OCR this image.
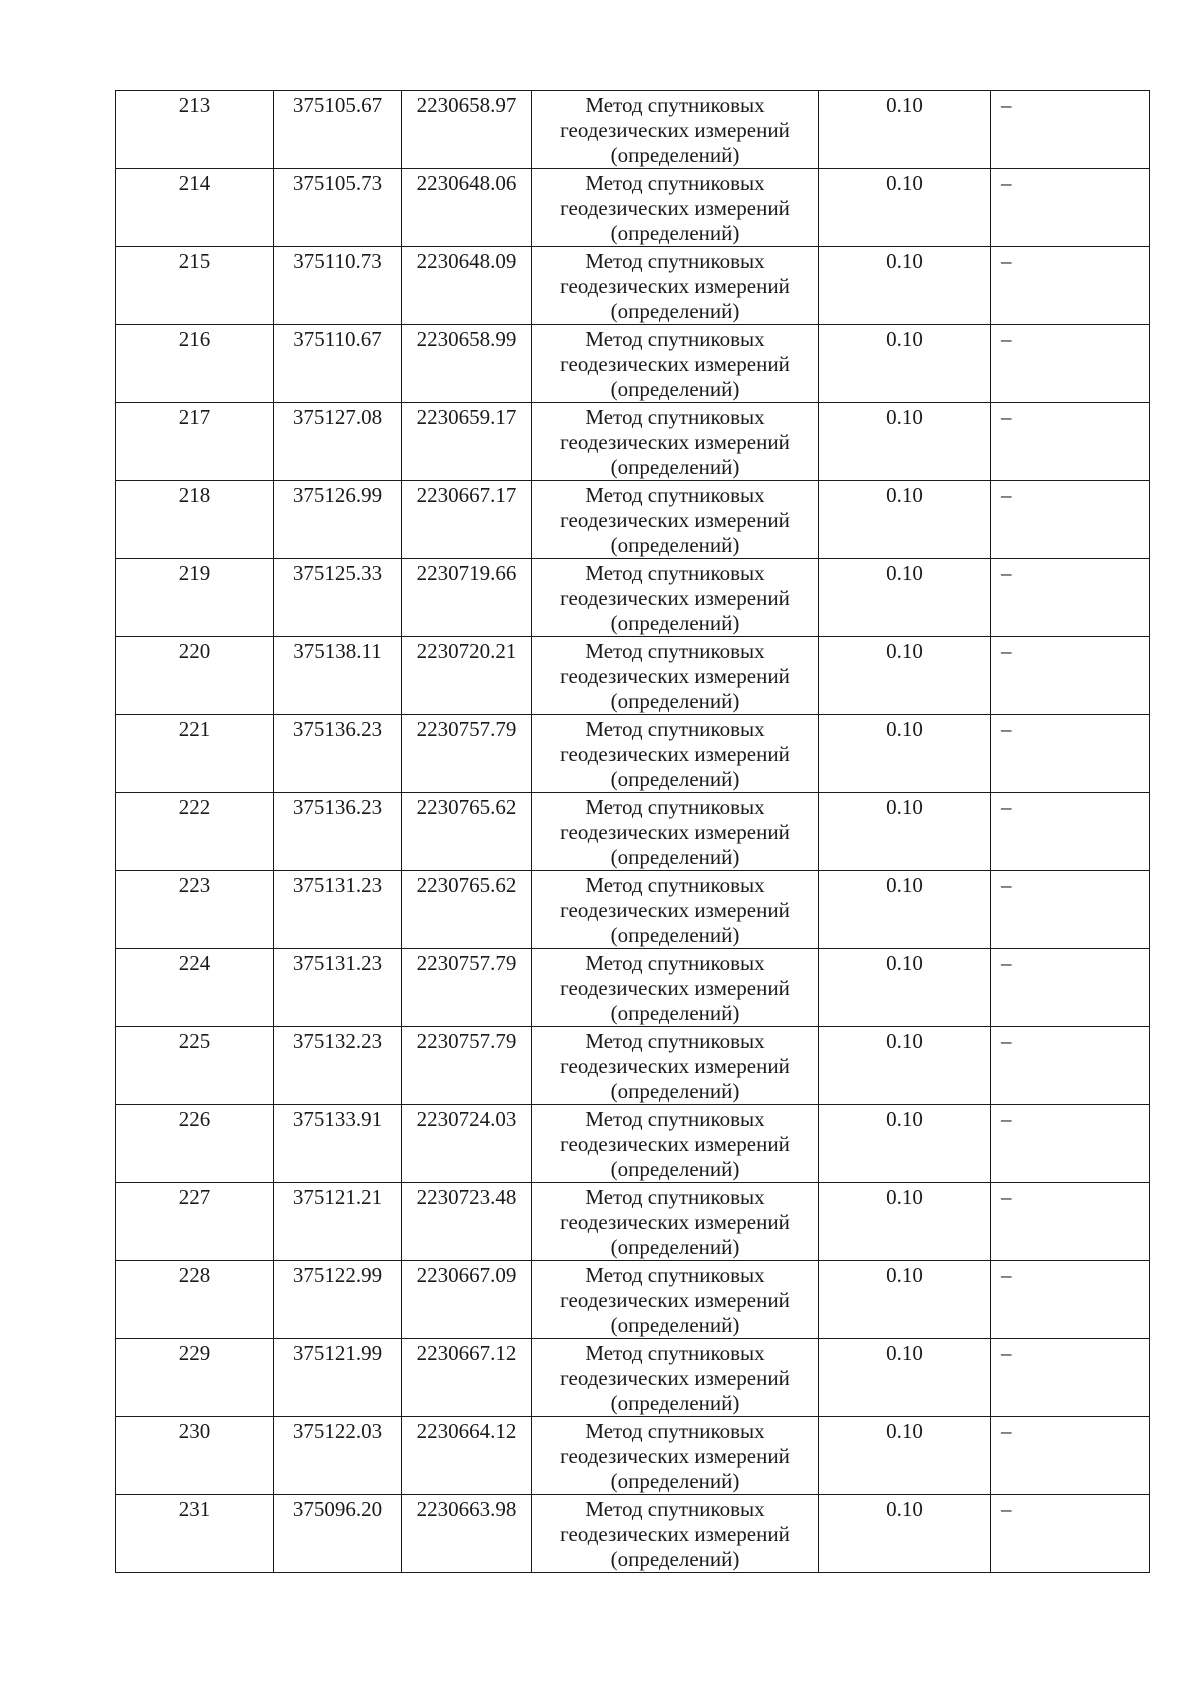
213	375105.67	2230658.97	Метод спутниковых
геодезических измерений
(определений)	0.10	–
214	375105.73	2230648.06	Метод спутниковых
геодезических измерений
(определений)	0.10	–
215	375110.73	2230648.09	Метод спутниковых
геодезических измерений
(определений)	0.10	–
216	375110.67	2230658.99	Метод спутниковых
геодезических измерений
(определений)	0.10	–
217	375127.08	2230659.17	Метод спутниковых
геодезических измерений
(определений)	0.10	–
218	375126.99	2230667.17	Метод спутниковых
геодезических измерений
(определений)	0.10	–
219	375125.33	2230719.66	Метод спутниковых
геодезических измерений
(определений)	0.10	–
220	375138.11	2230720.21	Метод спутниковых
геодезических измерений
(определений)	0.10	–
221	375136.23	2230757.79	Метод спутниковых
геодезических измерений
(определений)	0.10	–
222	375136.23	2230765.62	Метод спутниковых
геодезических измерений
(определений)	0.10	–
223	375131.23	2230765.62	Метод спутниковых
геодезических измерений
(определений)	0.10	–
224	375131.23	2230757.79	Метод спутниковых
геодезических измерений
(определений)	0.10	–
225	375132.23	2230757.79	Метод спутниковых
геодезических измерений
(определений)	0.10	–
226	375133.91	2230724.03	Метод спутниковых
геодезических измерений
(определений)	0.10	–
227	375121.21	2230723.48	Метод спутниковых
геодезических измерений
(определений)	0.10	–
228	375122.99	2230667.09	Метод спутниковых
геодезических измерений
(определений)	0.10	–
229	375121.99	2230667.12	Метод спутниковых
геодезических измерений
(определений)	0.10	–
230	375122.03	2230664.12	Метод спутниковых
геодезических измерений
(определений)	0.10	–
231	375096.20	2230663.98	Метод спутниковых
геодезических измерений
(определений)	0.10	–
